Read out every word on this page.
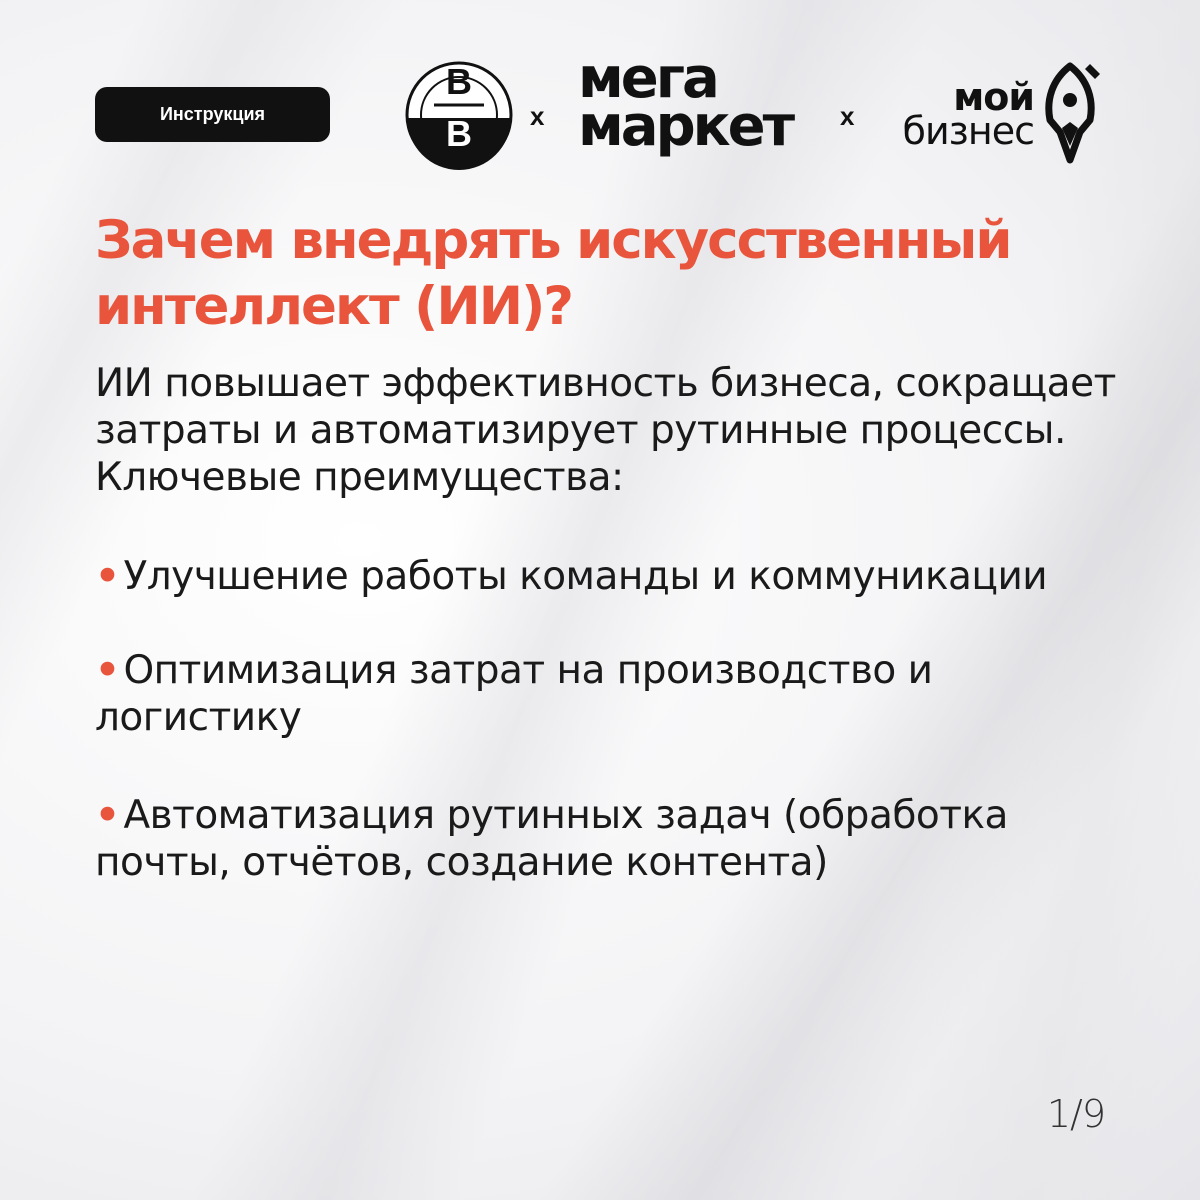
Инструкция
B
B x
мега
маркет	x	мой
бизнес
Зачем внедрять искусственный интеллект (ИИ)?

ИИ повышает эффективность бизнеса, сокращает затраты и автоматизирует рутинные процессы. Ключевые преимущества:

• Улучшение работы команды и коммуникации

• Оптимизация затрат на производство и логистику

• Автоматизация рутинных задач (обработка почты, отчётов, создание контента)

1/9
